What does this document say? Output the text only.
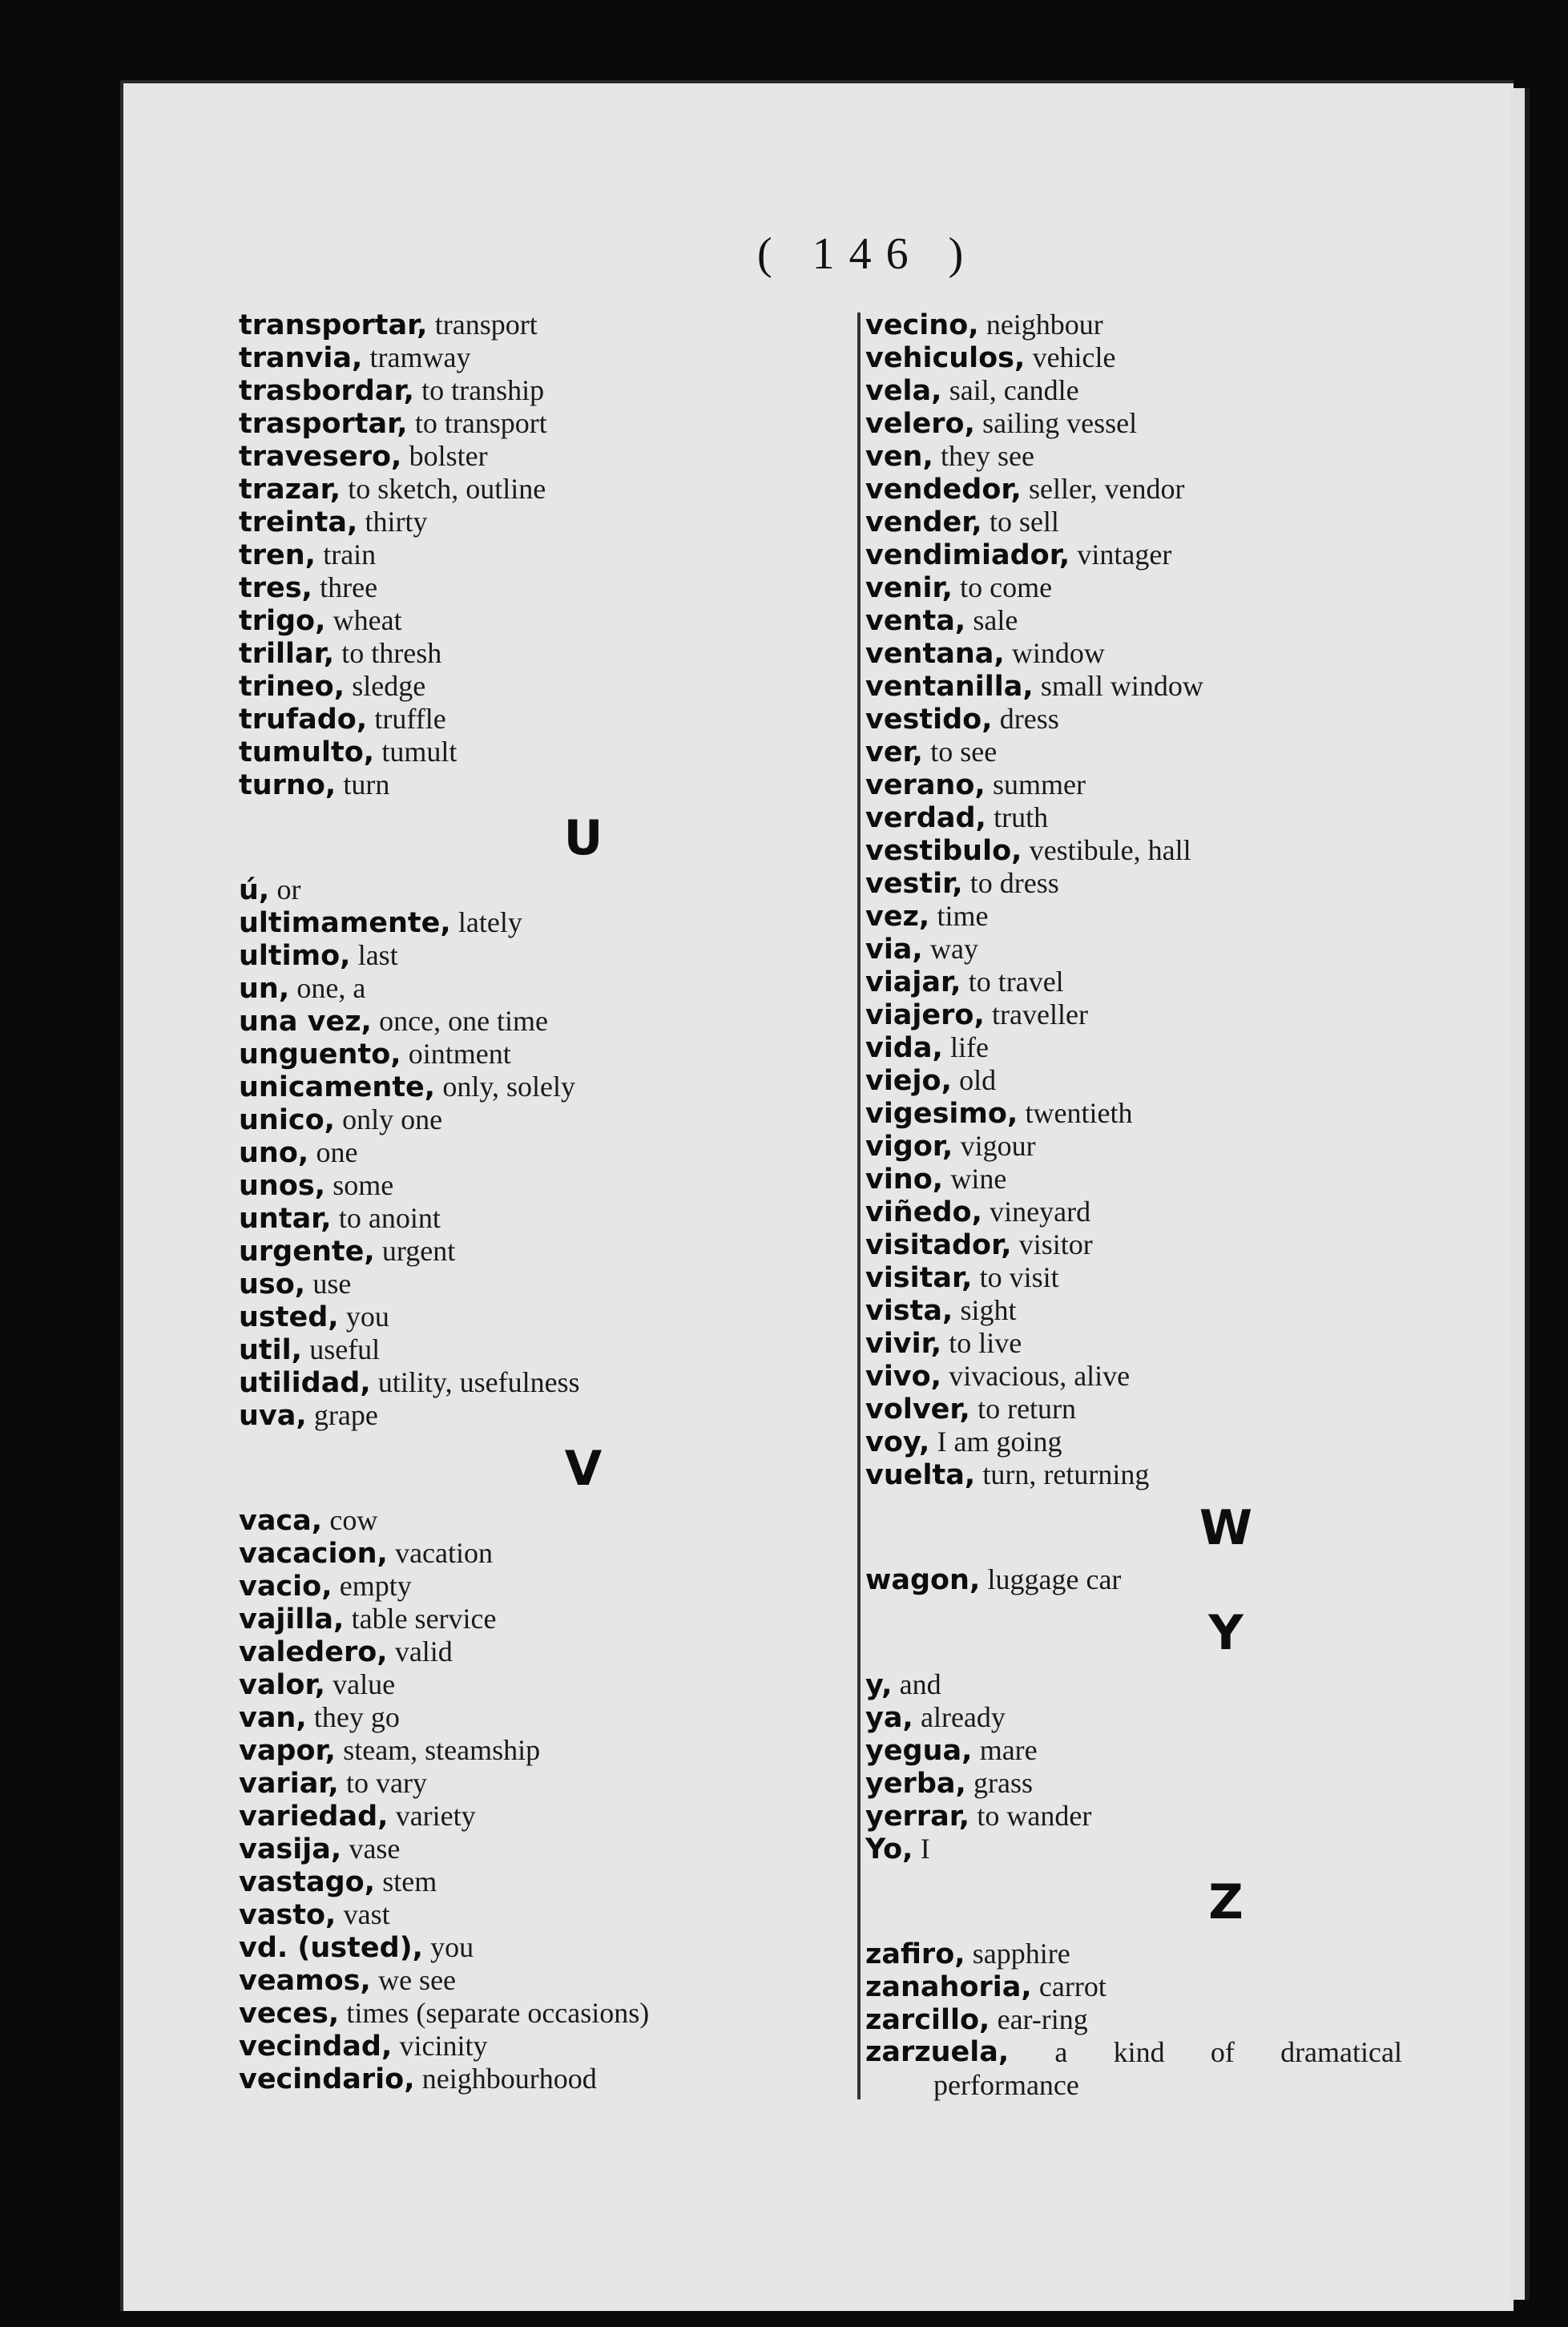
( 146 )
transportar, transport
tranvia, tramway
trasbordar, to tranship
trasportar, to transport
travesero, bolster
trazar, to sketch, outline
treinta, thirty
tren, train
tres, three
trigo, wheat
trillar, to thresh
trineo, sledge
trufado, truffle
tumulto, tumult
turno, turn
U
ú, or
ultimamente, lately
ultimo, last
un, one, a
una vez, once, one time
unguento, ointment
unicamente, only, solely
unico, only one
uno, one
unos, some
untar, to anoint
urgente, urgent
uso, use
usted, you
util, useful
utilidad, utility, usefulness
uva, grape
V
vaca, cow
vacacion, vacation
vacio, empty
vajilla, table service
valedero, valid
valor, value
van, they go
vapor, steam, steamship
variar, to vary
variedad, variety
vasija, vase
vastago, stem
vasto, vast
vd. (usted), you
veamos, we see
veces, times (separate occasions)
vecindad, vicinity
vecindario, neighbourhood
vecino, neighbour
vehiculos, vehicle
vela, sail, candle
velero, sailing vessel
ven, they see
vendedor, seller, vendor
vender, to sell
vendimiador, vintager
venir, to come
venta, sale
ventana, window
ventanilla, small window
vestido, dress
ver, to see
verano, summer
verdad, truth
vestibulo, vestibule, hall
vestir, to dress
vez, time
via, way
viajar, to travel
viajero, traveller
vida, life
viejo, old
vigesimo, twentieth
vigor, vigour
vino, wine
viñedo, vineyard
visitador, visitor
visitar, to visit
vista, sight
vivir, to live
vivo, vivacious, alive
volver, to return
voy, I am going
vuelta, turn, returning
W
wagon, luggage car
Y
y, and
ya, already
yegua, mare
yerba, grass
yerrar, to wander
Yo, I
Z
zafiro, sapphire
zanahoria, carrot
zarcillo, ear-ring
zarzuela, a kind of dramatical
performance
